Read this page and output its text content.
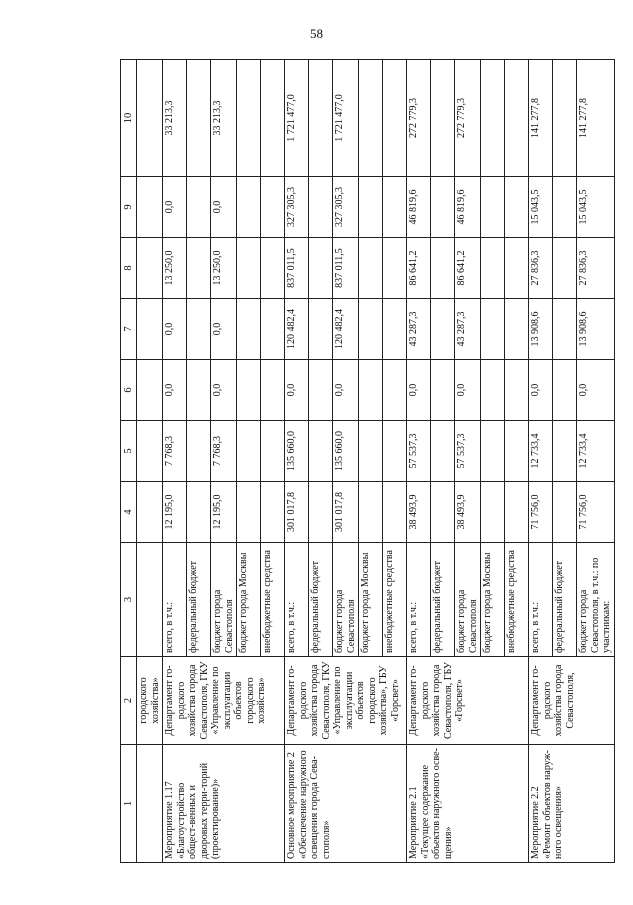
58
1	2	3	4	5	6	7	8	9	10
	городского хозяйства»								
Мероприятие 1.17 «Благоустройство общест-венных и дворовых терри-торий (проектирование)»	Департамент го-родского хозяйства города Севастополя, ГКУ «Управление по эксплуатации объектов городского хозяйства»	всего, в т.ч.:	12 195,0	7 768,3	0,0	0,0	13 250,0	0,0	33 213,3
		федеральный бюджет							
		бюджет города Севастополя	12 195,0	7 768,3	0,0	0,0	13 250,0	0,0	33 213,3
		бюджет города Москвы							
		внебюджетные средства							
Основное мероприятие 2 «Обеспечение наружного освещения города Сева-стополя»	Департамент го-родского хозяйства города Севастополя, ГКУ «Управление по эксплуатации объектов городского хозяйства», ГБУ «Горсвет»	всего, в т.ч.:	301 017,8	135 660,0	0,0	120 482,4	837 011,5	327 305,3	1 721 477,0
		федеральный бюджет							
		бюджет города Севастополя	301 017,8	135 660,0	0,0	120 482,4	837 011,5	327 305,3	1 721 477,0
		бюджет города Москвы							
		внебюджетные средства							
Мероприятие 2.1 «Текущее содержание объектов наружного осве-щения»	Департамент го-родского хозяйства города Севастополя, ГБУ «Горсвет»	всего, в т.ч.:	38 493,9	57 537,3	0,0	43 287,3	86 641,2	46 819,6	272 779,3
		федеральный бюджет							
		бюджет города Севастополя	38 493,9	57 537,3	0,0	43 287,3	86 641,2	46 819,6	272 779,3
		бюджет города Москвы							
		внебюджетные средства							
Мероприятие 2.2 «Ремонт объектов наруж-ного освещения»	Департамент го-родского хозяйства города Севастополя,	всего, в т.ч.:	71 756,0	12 733,4	0,0	13 908,6	27 836,3	15 043,5	141 277,8
		федеральный бюджет							
		бюджет города Севастополя, в т.ч.: по участникам:	71 756,0	12 733,4	0,0	13 908,6	27 836,3	15 043,5	141 277,8
